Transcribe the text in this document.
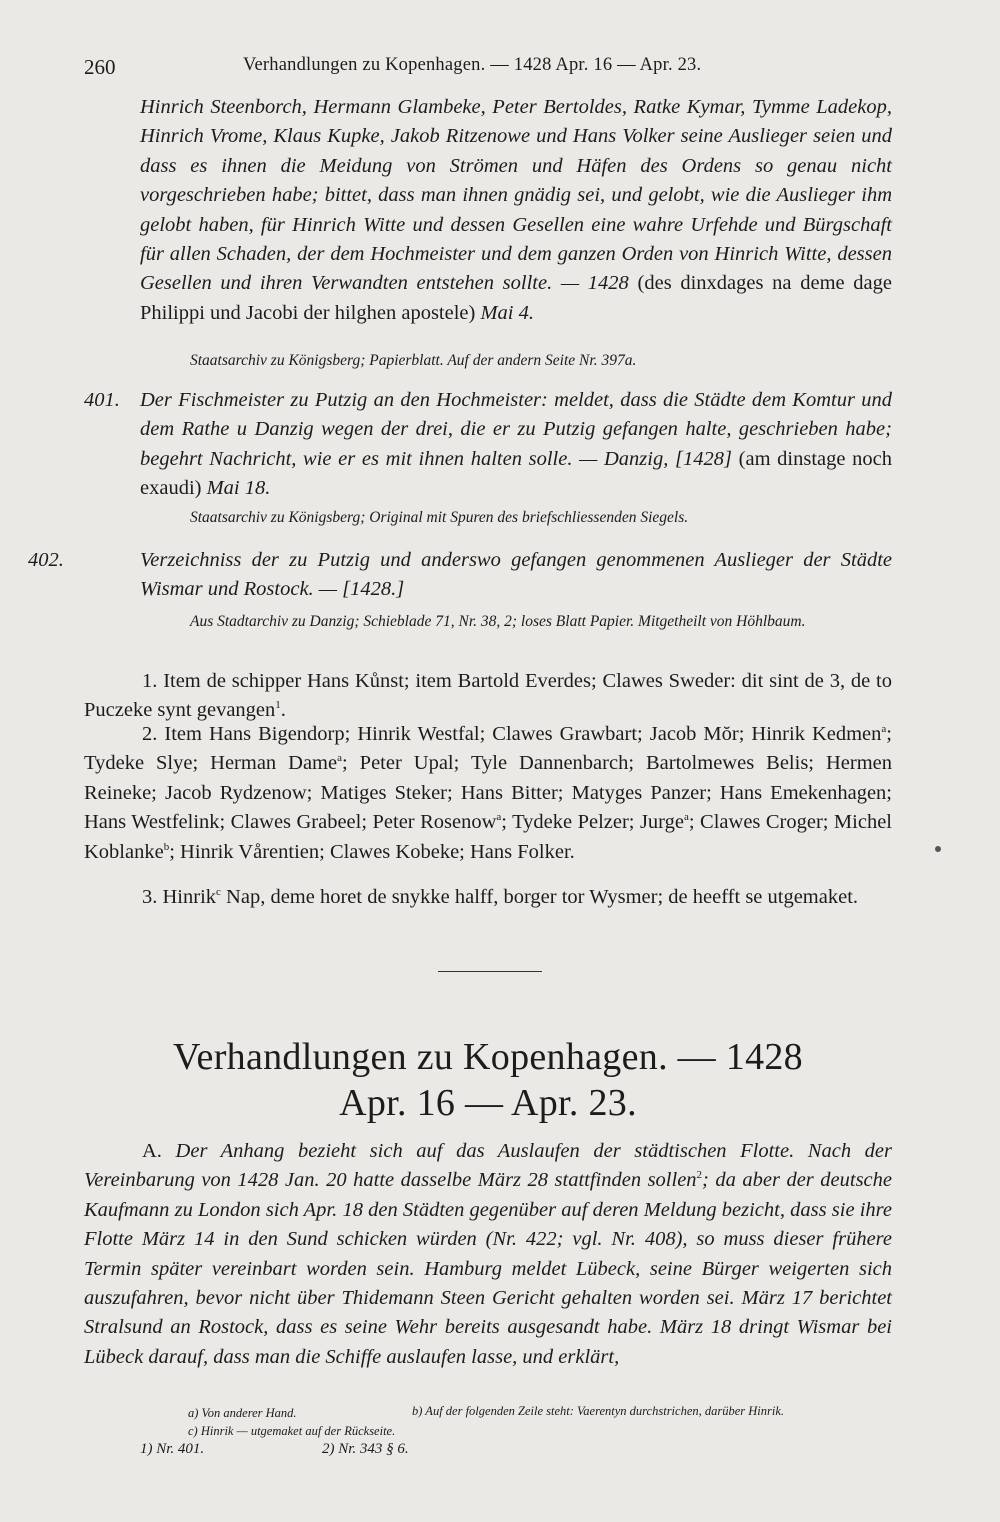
260	Verhandlungen zu Kopenhagen. — 1428 Apr. 16 — Apr. 23.
Hinrich Steenborch, Hermann Glambeke, Peter Bertoldes, Ratke Kymar, Tymme Ladekop, Hinrich Vrome, Klaus Kupke, Jakob Ritzenowe und Hans Volker seine Auslieger seien und dass es ihnen die Meidung von Strömen und Häfen des Ordens so genau nicht vorgeschrieben habe; bittet, dass man ihnen gnädig sei, und gelobt, wie die Auslieger ihm gelobt haben, für Hinrich Witte und dessen Gesellen eine wahre Urfehde und Bürgschaft für allen Schaden, der dem Hochmeister und dem ganzen Orden von Hinrich Witte, dessen Gesellen und ihren Verwandten entstehen sollte. — 1428 (des dinxdages na deme dage Philippi und Jacobi der hilghen apostele) Mai 4.
Staatsarchiv zu Königsberg; Papierblatt. Auf der andern Seite Nr. 397a.
401. Der Fischmeister zu Putzig an den Hochmeister: meldet, dass die Städte dem Komtur und dem Rathe u Danzig wegen der drei, die er zu Putzig gefangen halte, geschrieben habe; begehrt Nachricht, wie er es mit ihnen halten solle. — Danzig, [1428] (am dinstage noch exaudi) Mai 18.
Staatsarchiv zu Königsberg; Original mit Spuren des briefschliessenden Siegels.
402.	Verzeichniss der zu Putzig und anderswo gefangen genommenen Auslieger der Städte Wismar und Rostock. — [1428.]
Aus Stadtarchiv zu Danzig; Schieblade 71, Nr. 38, 2; loses Blatt Papier. Mitgetheilt von Höhlbaum.
1. Item de schipper Hans Kůnst; item Bartold Everdes; Clawes Sweder: dit sint de 3, de to Puczeke synt gevangen$^1$.
2. Item Hans Bigendorp; Hinrik Westfal; Clawes Grawbart; Jacob Mŏr; Hinrik Kedmen$^a$; Tydeke Slye; Herman Dame$^a$; Peter Upal; Tyle Dannenbarch; Bartolmewes Belis; Hermen Reineke; Jacob Rydzenow; Matiges Steker; Hans Bitter; Matyges Panzer; Hans Emekenhagen; Hans Westfelink; Clawes Grabeel; Peter Rosenow$^a$; Tydeke Pelzer; Jurge$^a$; Clawes Croger; Michel Koblanke$^b$; Hinrik Vårentien; Clawes Kobeke; Hans Folker.
3. Hinrik$^c$ Nap, deme horet de snykke halff, borger tor Wysmer; de heefft se utgemaket.
Verhandlungen zu Kopenhagen. — 1428
Apr. 16 — Apr. 23.
A. Der Anhang bezieht sich auf das Auslaufen der städtischen Flotte. Nach der Vereinbarung von 1428 Jan. 20 hatte dasselbe März 28 stattfinden sollen$^2$; da aber der deutsche Kaufmann zu London sich Apr. 18 den Städten gegenüber auf deren Meldung bezicht, dass sie ihre Flotte März 14 in den Sund schicken würden (Nr. 422; vgl. Nr. 408), so muss dieser frühere Termin später vereinbart worden sein. Hamburg meldet Lübeck, seine Bürger weigerten sich auszufahren, bevor nicht über Thidemann Steen Gericht gehalten worden sei. März 17 berichtet Stralsund an Rostock, dass es seine Wehr bereits ausgesandt habe. März 18 dringt Wismar bei Lübeck darauf, dass man die Schiffe auslaufen lasse, und erklärt,
a) Von anderer Hand.	b) Auf der folgenden Zeile steht: Vaerentyn durchstrichen, darüber Hinrik.
c) Hinrik — utgemaket auf der Rückseite.
1) Nr. 401.	2) Nr. 343 § 6.
